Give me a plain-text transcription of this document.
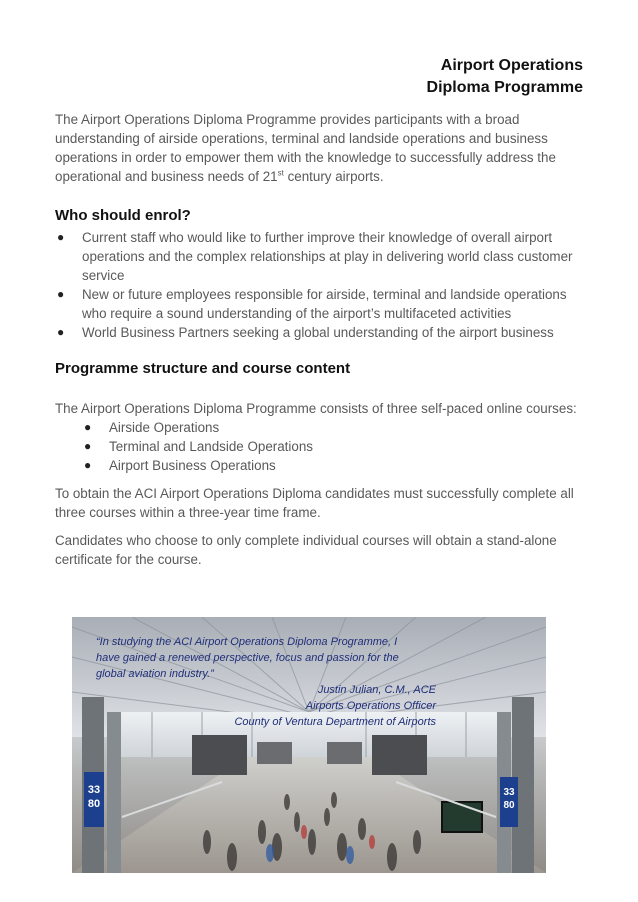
Airport Operations
Diploma Programme

The Airport Operations Diploma Programme provides participants with a broad understanding of airside operations, terminal and landside operations and business operations in order to empower them with the knowledge to successfully address the operational and business needs of 21st century airports.

Who should enrol?
● Current staff who would like to further improve their knowledge of overall airport operations and the complex relationships at play in delivering world class customer service
● New or future employees responsible for airside, terminal and landside operations who require a sound understanding of the airport’s multifaceted activities
● World Business Partners seeking a global understanding of the airport business
Programme structure and course content

The Airport Operations Diploma Programme consists of three self-paced online courses:

● Airside Operations
● Terminal and Landside Operations
● Airport Business Operations

To obtain the ACI Airport Operations Diploma candidates must successfully complete all three courses within a three-year time frame.

Candidates who choose to only complete individual courses will obtain a stand-alone certificate for the course.

33
80
33
80
“In studying the ACI Airport Operations Diploma Programme, I have gained a renewed perspective, focus and passion for the global aviation industry.”
Justin Julian, C.M., ACE
Airports Operations Officer
County of Ventura Department of Airports
